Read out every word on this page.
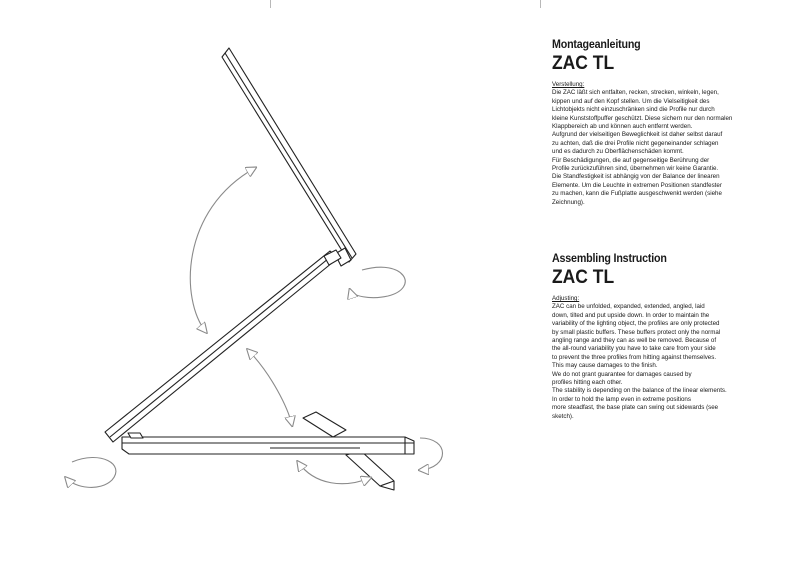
Montageanleitung
ZAC TL
Verstellung:
Die ZAC läßt sich entfalten, recken, strecken, winkeln, legen,
kippen und auf den Kopf stellen. Um die Vielseitigkeit des
Lichtobjekts nicht einzuschränken sind die Profile nur durch
kleine Kunststoffpuffer geschützt. Diese sichern nur den normalen
Klappbereich ab und können auch entfernt werden.
Aufgrund der vielseitigen Beweglichkeit ist daher selbst darauf
zu achten, daß die drei Profile nicht gegeneinander schlagen
und es dadurch zu Oberflächenschäden kommt.
Für Beschädigungen, die auf gegenseitige Berührung der
Profile zurückzuführen sind, übernehmen wir keine Garantie.
Die Standfestigkeit ist abhängig von der Balance der linearen
Elemente. Um die Leuchte in extremen Positionen standfester
zu machen, kann die Fußplatte ausgeschwenkt werden (siehe
Zeichnung).
Assembling Instruction
ZAC TL
Adjusting:
ZAC can be unfolded, expanded, extended, angled, laid
down, tilted and put upside down. In order to maintain the
variability of the lighting object, the profiles are only protected
by small plastic buffers. These buffers protect only the normal
angling range and they can as well be removed. Because of
the all-round variability you have to take care from your side
to prevent the three profiles from hitting against themselves.
This may cause damages to the finish.
We do not grant guarantee for damages caused by
profiles hitting each other.
The stability is depending on the balance of the linear elements.
In order to hold the lamp even in extreme positions
more steadfast, the base plate can swing out sidewards (see
sketch).
